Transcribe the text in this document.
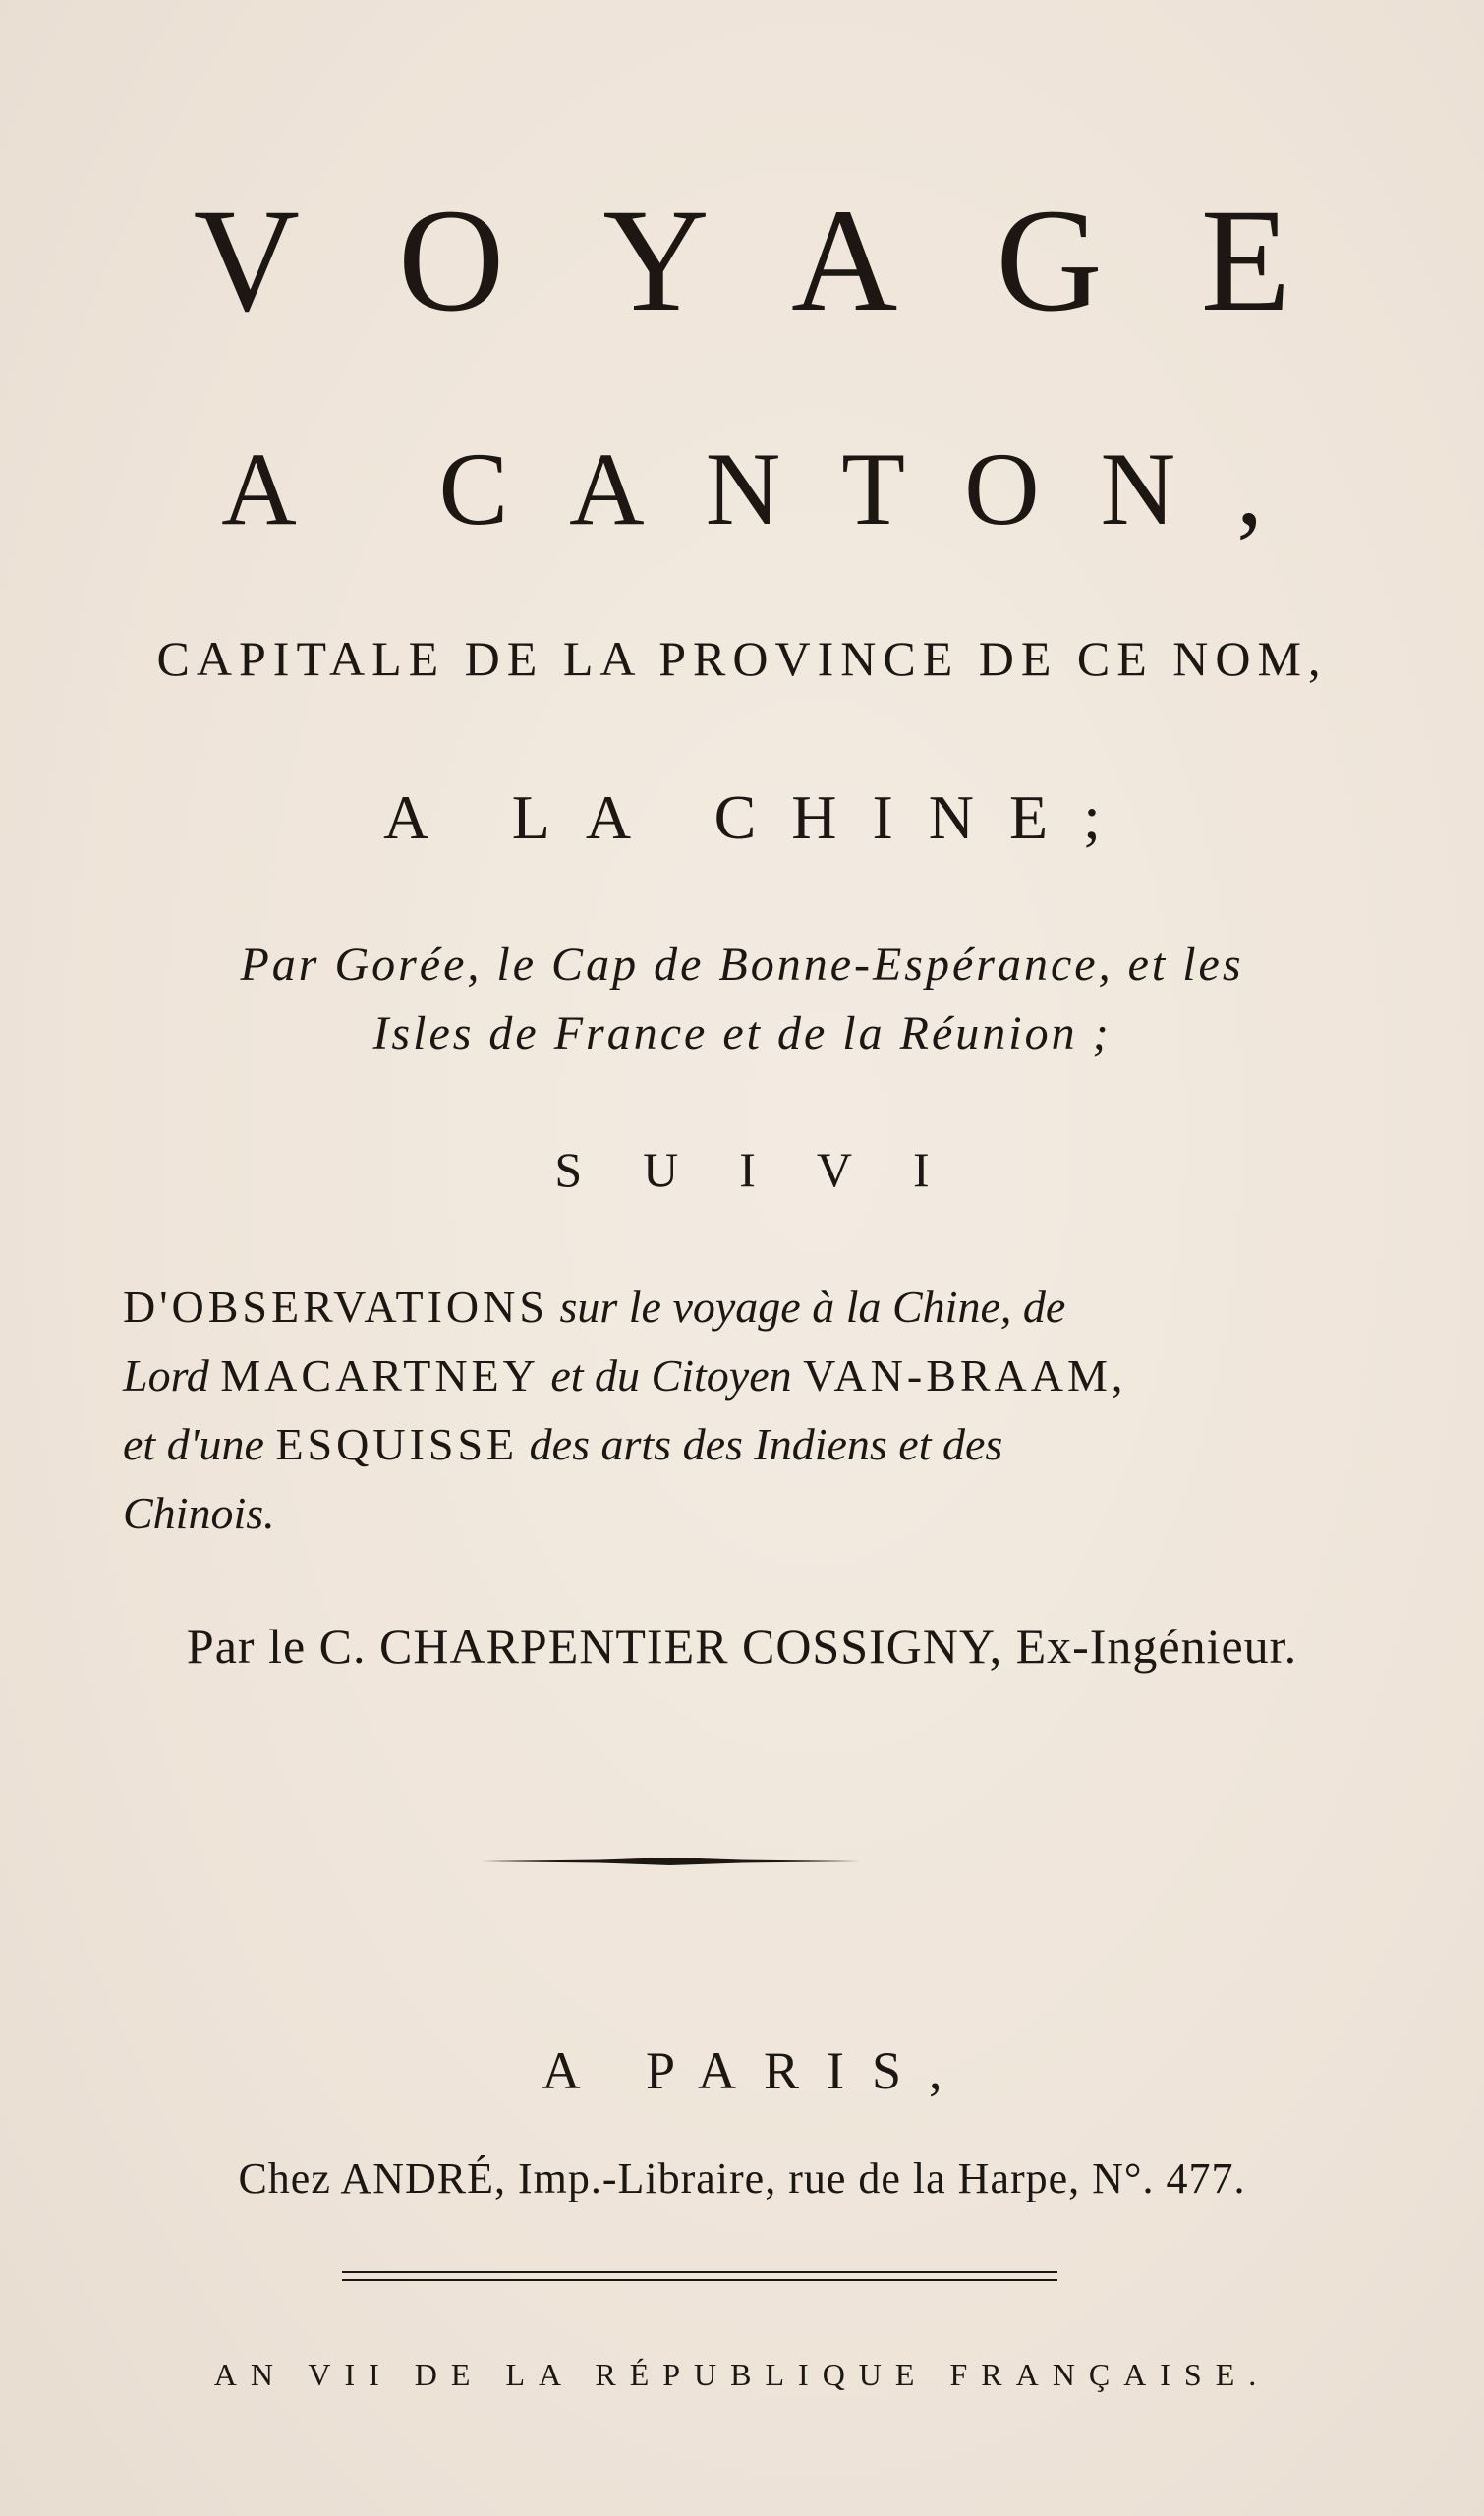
VOYAGE
A CANTON,
CAPITALE DE LA PROVINCE DE CE NOM,
A LA CHINE;
Par Gorée, le Cap de Bonne-Espérance, et les
Isles de France et de la Réunion ;
SUIVI
D'OBSERVATIONS sur le voyage à la Chine, de
Lord MACARTNEY et du Citoyen VAN-BRAAM,
et d'une ESQUISSE des arts des Indiens et des
Chinois.
Par le C. CHARPENTIER COSSIGNY, Ex-Ingénieur.
A PARIS,
Chez ANDRÉ, Imp.-Libraire, rue de la Harpe, N°. 477.
AN VII DE LA RÉPUBLIQUE FRANÇAISE.
